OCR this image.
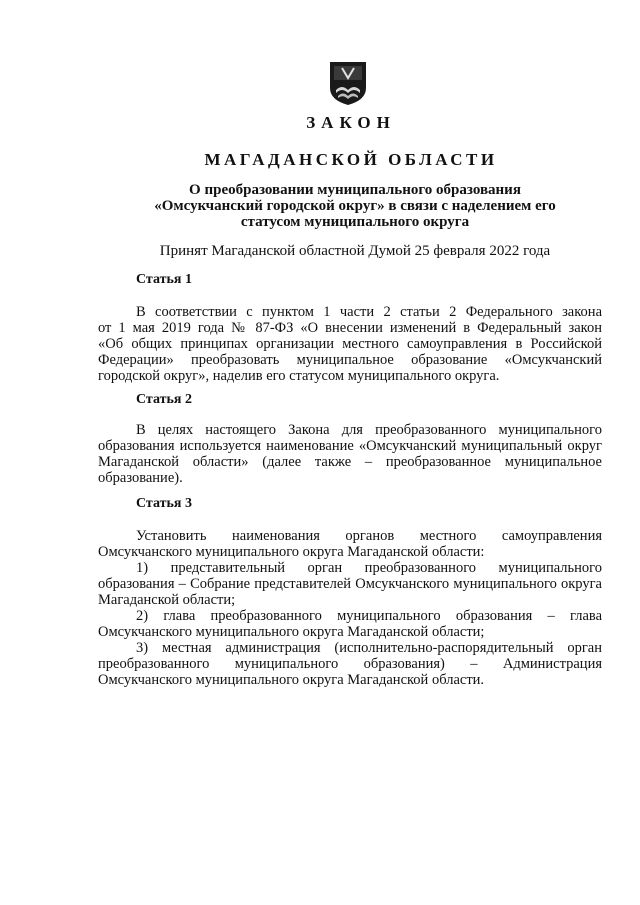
ЗАКОН
МАГАДАНСКОЙ ОБЛАСТИ
О преобразовании муниципального образования
«Омсукчанский городской округ» в связи с наделением его
статусом муниципального округа
Принят Магаданской областной Думой 25 февраля 2022 года
Статья 1
В соответствии с пунктом 1 части 2 статьи 2 Федерального закона
от 1 мая 2019 года № 87-ФЗ «О внесении изменений в Федеральный закон
«Об общих принципах организации местного самоуправления в Российской
Федерации» преобразовать муниципальное образование «Омсукчанский
городской округ», наделив его статусом муниципального округа.
Статья 2
В целях настоящего Закона для преобразованного муниципального
образования используется наименование «Омсукчанский муниципальный округ
Магаданской области» (далее также – преобразованное муниципальное
образование).
Статья 3
Установить наименования органов местного самоуправления
Омсукчанского муниципального округа Магаданской области:
1) представительный орган преобразованного муниципального
образования – Собрание представителей Омсукчанского муниципального округа
Магаданской области;
2) глава преобразованного муниципального образования – глава
Омсукчанского муниципального округа Магаданской области;
3) местная администрация (исполнительно-распорядительный орган
преобразованного муниципального образования) – Администрация
Омсукчанского муниципального округа Магаданской области.
